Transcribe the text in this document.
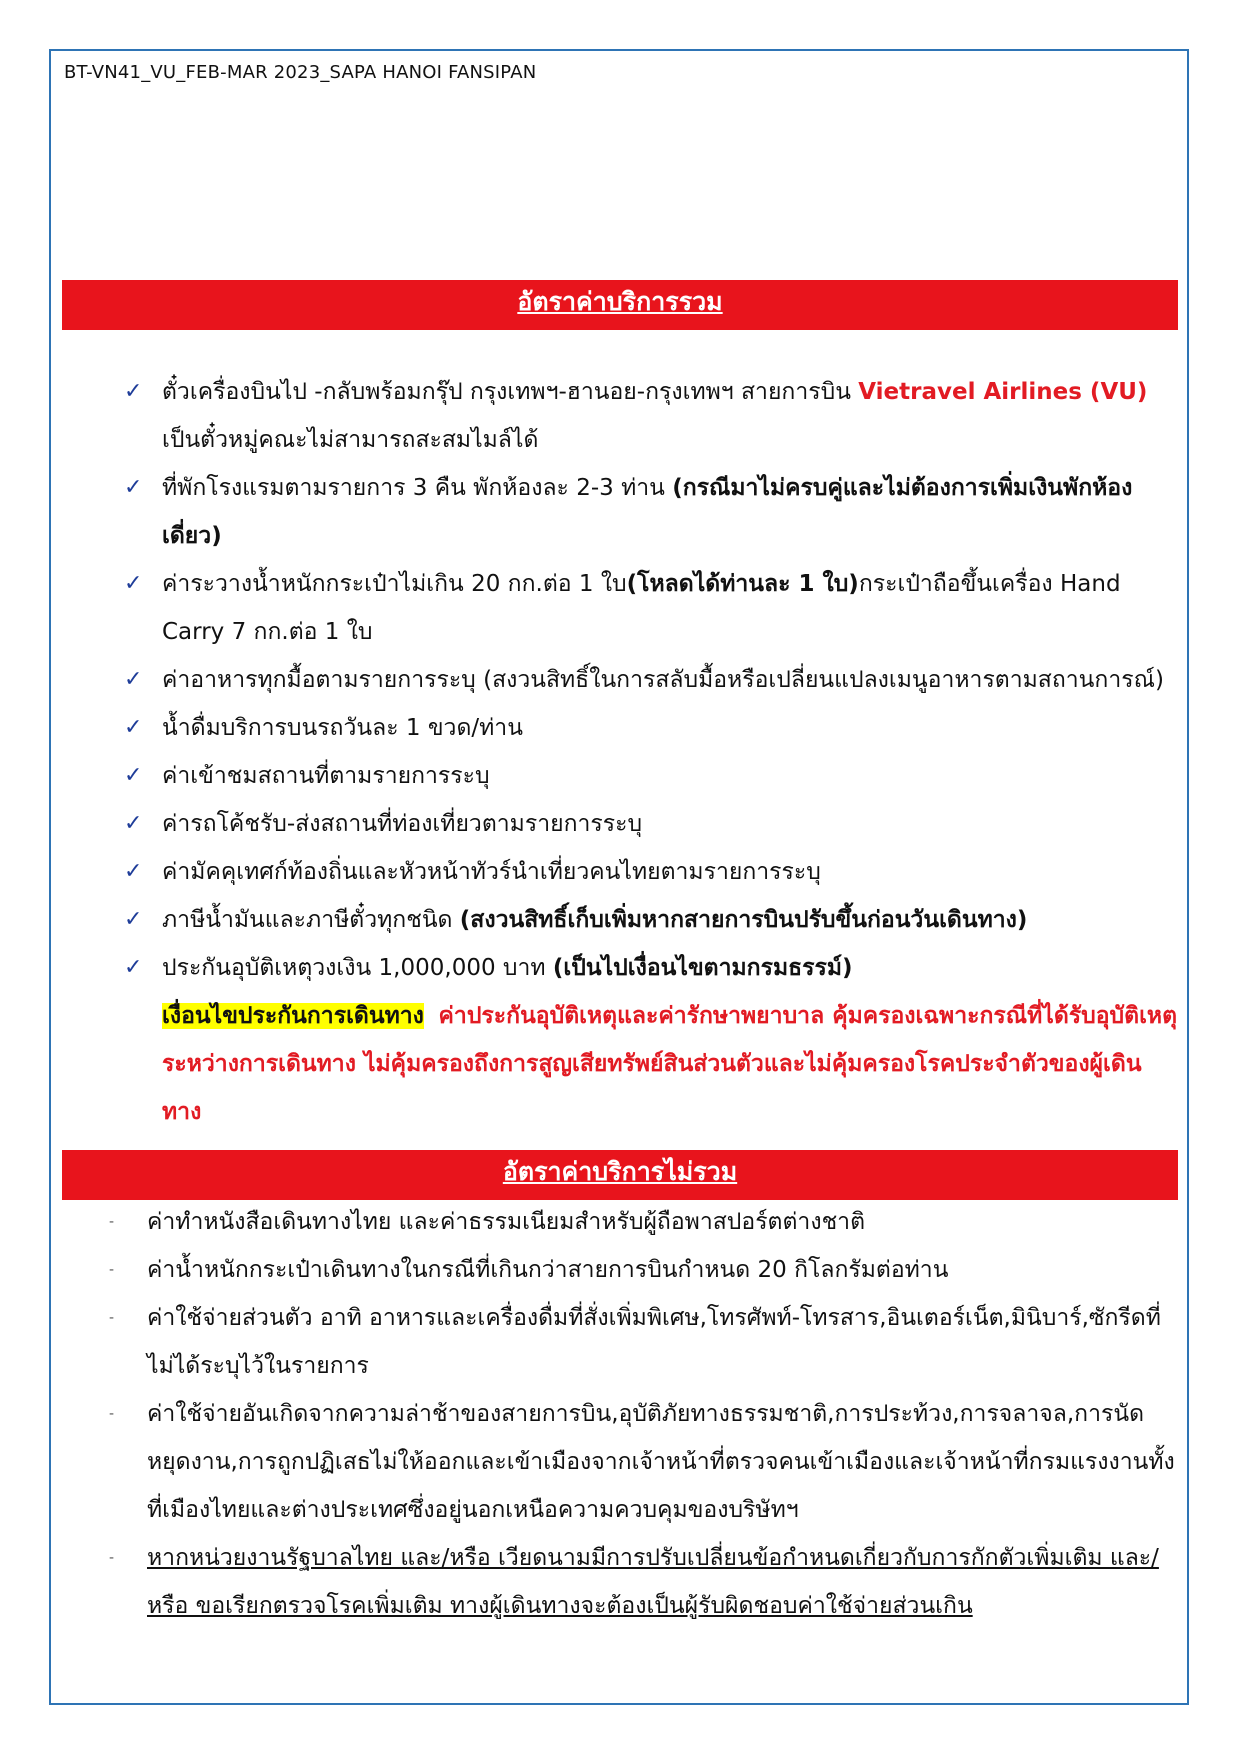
BT-VN41_VU_FEB-MAR 2023_SAPA HANOI FANSIPAN
อัตราค่าบริการรวม
✓ ตั๋วเครื่องบินไป -กลับพร้อมกรุ๊ป กรุงเทพฯ-ฮานอย-กรุงเทพฯ สายการบิน Vietravel Airlines (VU)
เป็นตั๋วหมู่คณะไม่สามารถสะสมไมล์ได้
✓ ที่พักโรงแรมตามรายการ 3 คืน พักห้องละ 2-3 ท่าน (กรณีมาไม่ครบคู่และไม่ต้องการเพิ่มเงินพักห้องเดี่ยว)
✓ ค่าระวางน้ำหนักกระเป๋าไม่เกิน 20 กก.ต่อ 1 ใบ(โหลดได้ท่านละ 1 ใบ)กระเป๋าถือขึ้นเครื่อง Hand Carry 7 กก.ต่อ 1 ใบ
✓ ค่าอาหารทุกมื้อตามรายการระบุ (สงวนสิทธิ์ในการสลับมื้อหรือเปลี่ยนแปลงเมนูอาหารตามสถานการณ์)
✓ น้ำดื่มบริการบนรถวันละ 1 ขวด/ท่าน
✓ ค่าเข้าชมสถานที่ตามรายการระบุ
✓ ค่ารถโค้ชรับ-ส่งสถานที่ท่องเที่ยวตามรายการระบุ
✓ ค่ามัคคุเทศก์ท้องถิ่นและหัวหน้าทัวร์นำเที่ยวคนไทยตามรายการระบุ
✓ ภาษีน้ำมันและภาษีตั๋วทุกชนิด (สงวนสิทธิ์เก็บเพิ่มหากสายการบินปรับขึ้นก่อนวันเดินทาง)
✓ ประกันอุบัติเหตุวงเงิน 1,000,000 บาท (เป็นไปเงื่อนไขตามกรมธรรม์)
เงื่อนไขประกันการเดินทาง ค่าประกันอุบัติเหตุและค่ารักษาพยาบาล คุ้มครองเฉพาะกรณีที่ได้รับอุบัติเหตุระหว่างการเดินทาง ไม่คุ้มครองถึงการสูญเสียทรัพย์สินส่วนตัวและไม่คุ้มครองโรคประจำตัวของผู้เดินทาง
อัตราค่าบริการไม่รวม
- ค่าทำหนังสือเดินทางไทย และค่าธรรมเนียมสำหรับผู้ถือพาสปอร์ตต่างชาติ
- ค่าน้ำหนักกระเป๋าเดินทางในกรณีที่เกินกว่าสายการบินกำหนด 20 กิโลกรัมต่อท่าน
- ค่าใช้จ่ายส่วนตัว อาทิ อาหารและเครื่องดื่มที่สั่งเพิ่มพิเศษ,โทรศัพท์-โทรสาร,อินเตอร์เน็ต,มินิบาร์,ซักรีดที่ไม่ได้ระบุไว้ในรายการ
- ค่าใช้จ่ายอันเกิดจากความล่าช้าของสายการบิน,อุบัติภัยทางธรรมชาติ,การประท้วง,การจลาจล,การนัดหยุดงาน,การถูกปฏิเสธไม่ให้ออกและเข้าเมืองจากเจ้าหน้าที่ตรวจคนเข้าเมืองและเจ้าหน้าที่กรมแรงงานทั้งที่เมืองไทยและต่างประเทศซึ่งอยู่นอกเหนือความควบคุมของบริษัทฯ
- หากหน่วยงานรัฐบาลไทย และ/หรือ เวียดนามมีการปรับเปลี่ยนข้อกำหนดเกี่ยวกับการกักตัวเพิ่มเติม และ/หรือ ขอเรียกตรวจโรคเพิ่มเติม ทางผู้เดินทางจะต้องเป็นผู้รับผิดชอบค่าใช้จ่ายส่วนเกิน
